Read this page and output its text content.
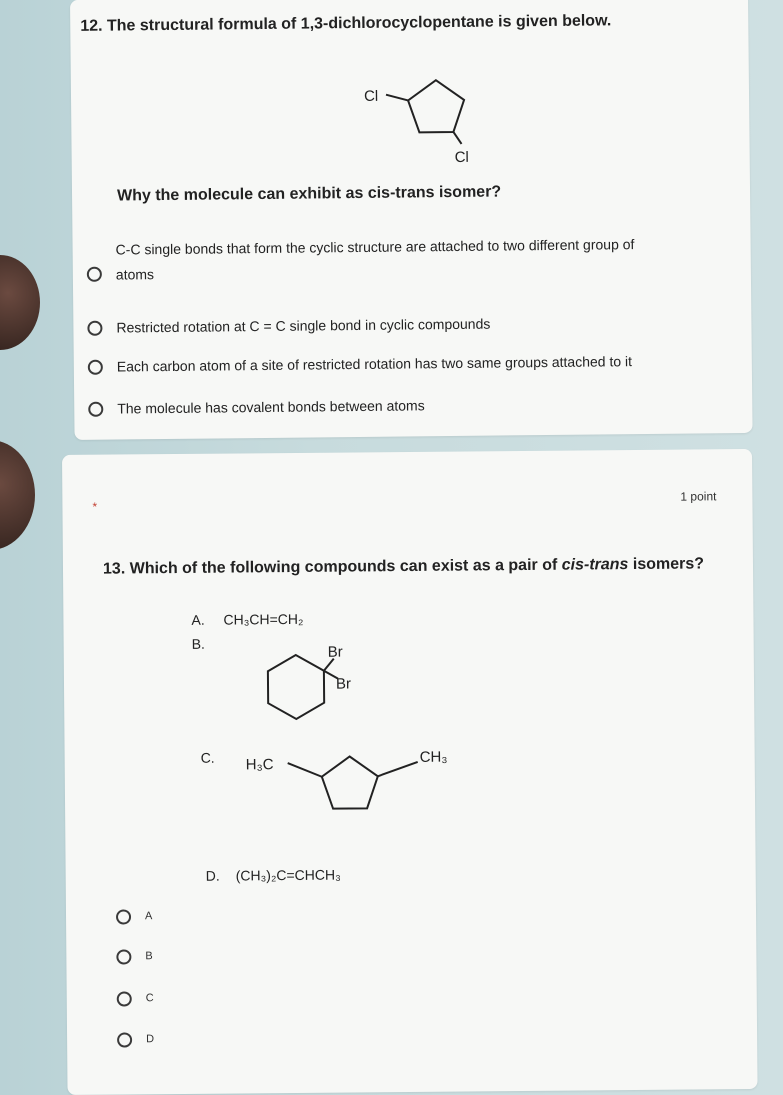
12. The structural formula of 1,3-dichlorocyclopentane is given below.
Cl
Cl
Why the molecule can exhibit as cis-trans isomer?
C-C single bonds that form the cyclic structure are attached to two different group of
atoms
Restricted rotation at C = C single bond in cyclic compounds
Each carbon atom of a site of restricted rotation has two same groups attached to it
The molecule has covalent bonds between atoms
*
1 point
13. Which of the following compounds can exist as a pair of cis-trans isomers?
A. CH₃CH=CH₂
B.	Br
Br
C. H₃C	CH₃
D. (CH₃)₂C=CHCH₃
A
B
C
D
